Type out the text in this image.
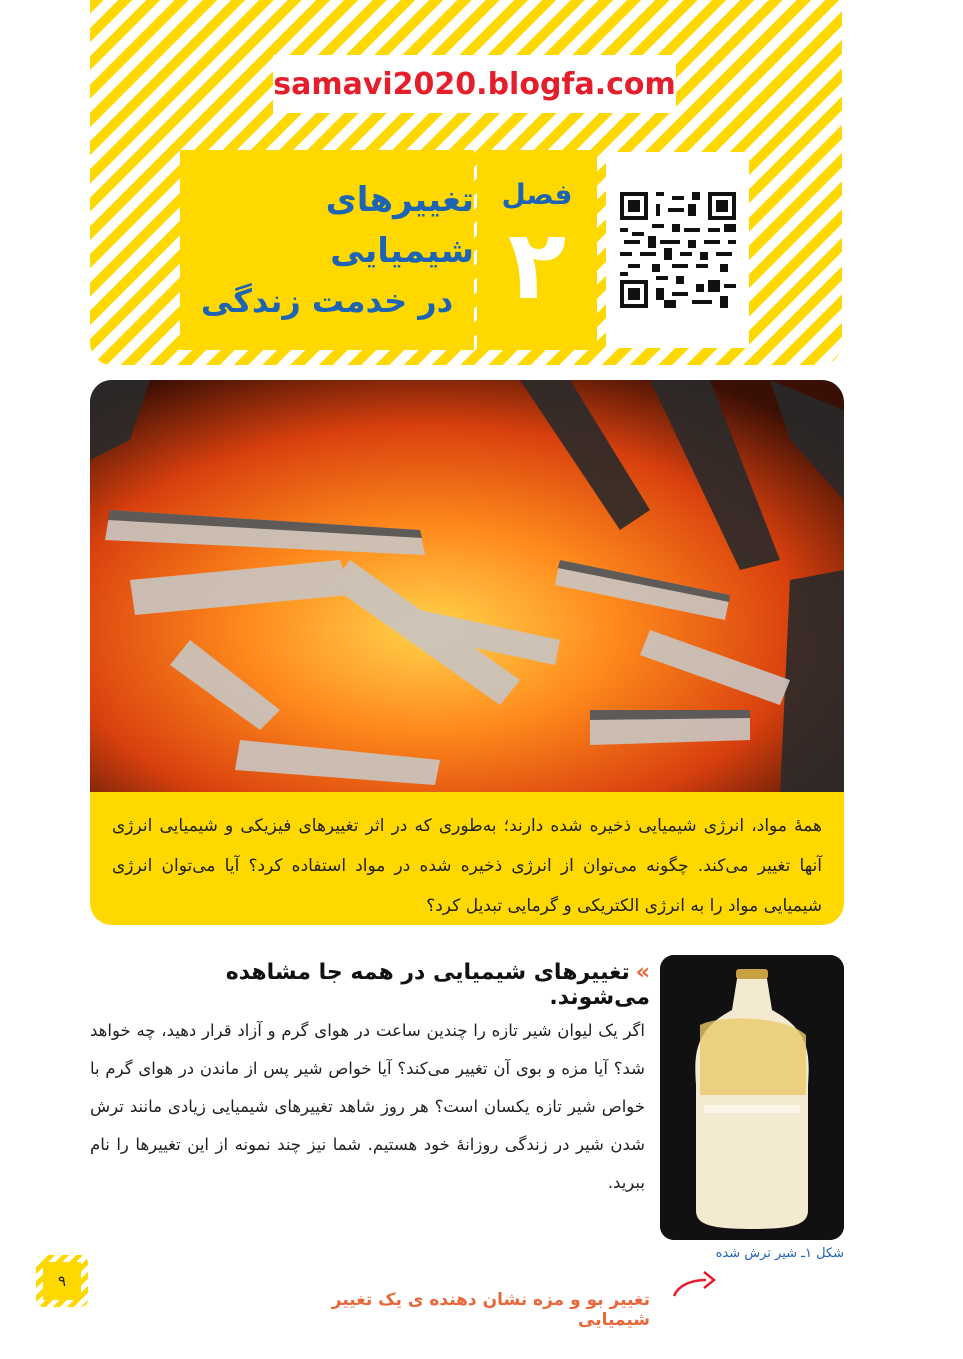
samavi2020.blogfa.com
تغییرهای شیمیایی
در خدمت زندگی
فصل
۲

همهٔ مواد، انرژی شیمیایی ذخیره شده دارند؛ به‌طوری که در اثر تغییرهای فیزیکی و شیمیایی انرژی آنها تغییر می‌کند. چگونه می‌توان از انرژی ذخیره شده در مواد استفاده کرد؟ آیا می‌توان انرژی شیمیایی مواد را به انرژی الکتریکی و گرمایی تبدیل کرد؟

»تغییرهای شیمیایی در همه جا مشاهده می‌شوند.

اگر یک لیوان شیر تازه را چندین ساعت در هوای گرم و آزاد قرار دهید، چه خواهد شد؟ آیا مزه و بوی آن تغییر می‌کند؟ آیا خواص شیر پس از ماندن در هوای گرم با خواص شیر تازه یکسان است؟ هر روز شاهد تغییرهای شیمیایی زیادی مانند ترش شدن شیر در زندگی روزانهٔ خود هستیم. شما نیز چند نمونه از این تغییرها را نام ببرید.

شکل ۱ـ شیر ترش شده
تغییر بو و مزه نشان دهنده ی یک تغییر شیمیایی
۹
